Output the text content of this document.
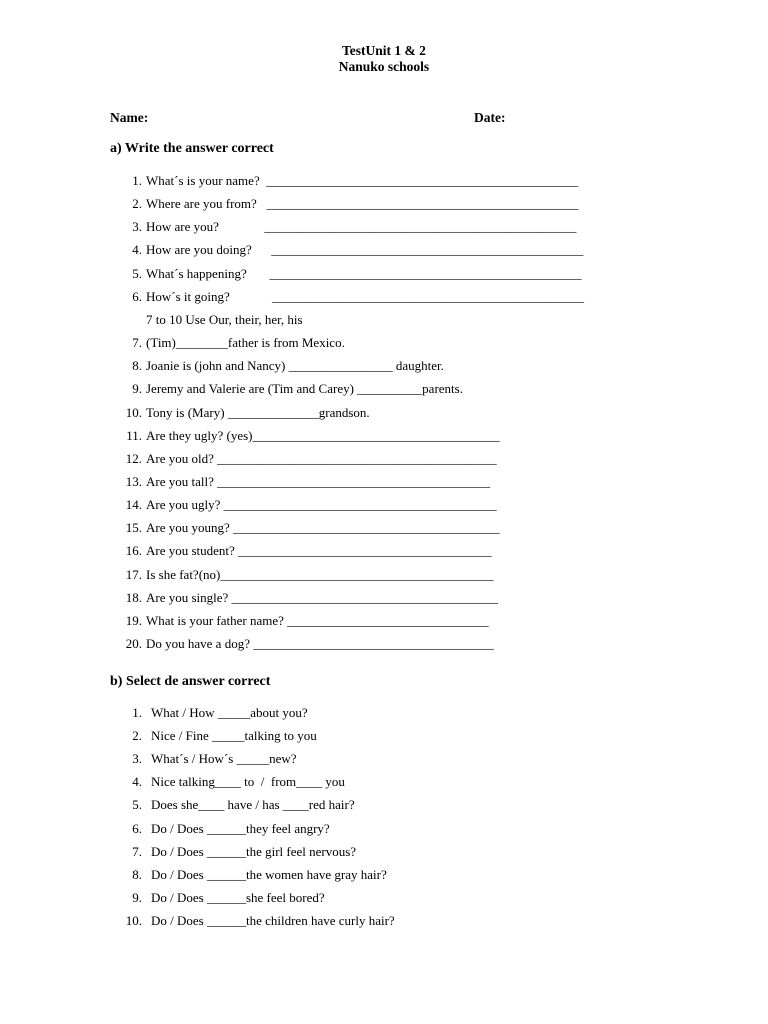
TestUnit 1 & 2
Nanuko schools
Name:	Date:
a) Write the answer correct
1. What´s is your name?  ________________________________________________
2. Where are you from?   ________________________________________________
3. How are you?              ________________________________________________
4. How are you doing?      ________________________________________________
5. What´s happening?       ________________________________________________
6. How´s it going?             ________________________________________________
7 to 10 Use Our, their, her, his
7. (Tim)________father is from Mexico.
8. Joanie is (john and Nancy) ________________ daughter.
9. Jeremy and Valerie are (Tim and Carey) __________parents.
10. Tony is (Mary) ______________grandson.
11. Are they ugly? (yes)______________________________________
12. Are you old? ___________________________________________
13. Are you tall? __________________________________________
14. Are you ugly? __________________________________________
15. Are you young? _________________________________________
16. Are you student? _______________________________________
17. Is she fat?(no)__________________________________________
18. Are you single? _________________________________________
19. What is your father name? _______________________________
20. Do you have a dog? _____________________________________
b) Select de answer correct
1. What / How _____about you?
2. Nice / Fine _____talking to you
3. What´s / How´s _____new?
4. Nice talking____ to  /  from____ you
5. Does she____ have / has ____red hair?
6. Do / Does ______they feel angry?
7. Do / Does ______the girl feel nervous?
8. Do / Does ______the women have gray hair?
9. Do / Does ______she feel bored?
10. Do / Does ______the children have curly hair?
